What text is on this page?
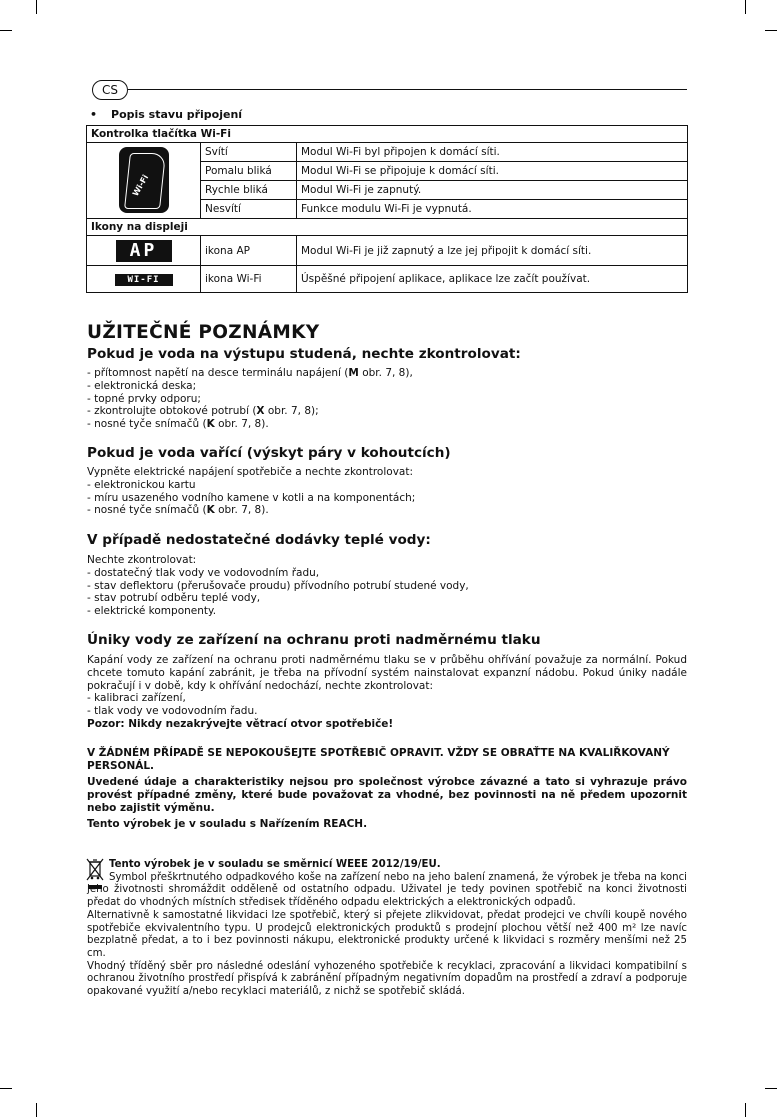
CS
• Popis stavu připojení
Kontrolka tlačítka Wi-Fi		

Wi-Fi	Svítí	Modul Wi-Fi byl připojen k domácí síti.
	Pomalu bliká	Modul Wi-Fi se připojuje k domácí síti.
	Rychle bliká	Modul Wi-Fi je zapnutý.
	Nesvítí	Funkce modulu Wi-Fi je vypnutá.
Ikony na displeji		
AP	ikona AP	Modul Wi-Fi je již zapnutý a lze jej připojit k domácí síti.
WI-FI	ikona Wi-Fi	Úspěšné připojení aplikace, aplikace lze začít používat.
UŽITEČNÉ POZNÁMKY
Pokud je voda na výstupu studená, nechte zkontrolovat:
- přítomnost napětí na desce terminálu napájení (M obr. 7, 8),
- elektronická deska;
- topné prvky odporu;
- zkontrolujte obtokové potrubí (X obr. 7, 8);
- nosné tyče snímačů (K obr. 7, 8).
Pokud je voda vařící (výskyt páry v kohoutcích)
Vypněte elektrické napájení spotřebiče a nechte zkontrolovat:
- elektronickou kartu
- míru usazeného vodního kamene v kotli a na komponentách;
- nosné tyče snímačů (K obr. 7, 8).
V případě nedostatečné dodávky teplé vody:
Nechte zkontrolovat:
- dostatečný tlak vody ve vodovodním řadu,
- stav deflektoru (přerušovače proudu) přívodního potrubí studené vody,
- stav potrubí odběru teplé vody,
- elektrické komponenty.
Úniky vody ze zařízení na ochranu proti nadměrnému tlaku
Kapání vody ze zařízení na ochranu proti nadměrnému tlaku se v průběhu ohřívání považuje za normální. Pokud chcete tomuto kapání zabránit, je třeba na přívodní systém nainstalovat expanzní nádobu. Pokud úniky nadále pokračují i v době, kdy k ohřívání nedochází, nechte zkontrolovat:
- kalibraci zařízení,
- tlak vody ve vodovodním řadu.
Pozor: Nikdy nezakrývejte větrací otvor spotřebiče!
V ŽÁDNÉM PŘÍPADĚ SE NEPOKOUŠEJTE SPOTŘEBIČ OPRAVIT. VŽDY SE OBRAŤTE NA KVALIŘKOVANÝ PERSONÁL.
Uvedené údaje a charakteristiky nejsou pro společnost výrobce závazné a tato si vyhrazuje právo provést případné změny, které bude považovat za vhodné, bez povinnosti na ně předem upozornit nebo zajistit výměnu.
Tento výrobek je v souladu s Nařízením REACH.
Tento výrobek je v souladu se směrnicí WEEE 2012/19/EU.
Symbol přeškrtnutého odpadkového koše na zařízení nebo na jeho balení znamená, že výrobek je třeba na konci jeho životnosti shromáždit odděleně od ostatního odpadu. Uživatel je tedy povinen spotřebič na konci životnosti předat do vhodných místních středisek tříděného odpadu elektrických a elektronických odpadů.
Alternativně k samostatné likvidaci lze spotřebič, který si přejete zlikvidovat, předat prodejci ve chvíli koupě nového spotřebiče ekvivalentního typu. U prodejců elektronických produktů s prodejní plochou větší než 400 m² lze navíc bezplatně předat, a to i bez povinnosti nákupu, elektronické produkty určené k likvidaci s rozměry menšími než 25 cm.
Vhodný tříděný sběr pro následné odeslání vyhozeného spotřebiče k recyklaci, zpracování a likvidaci kompatibilní s ochranou životního prostředí přispívá k zabránění případným negativním dopadům na prostředí a zdraví a podporuje opakované využití a/nebo recyklaci materiálů, z nichž se spotřebič skládá.
